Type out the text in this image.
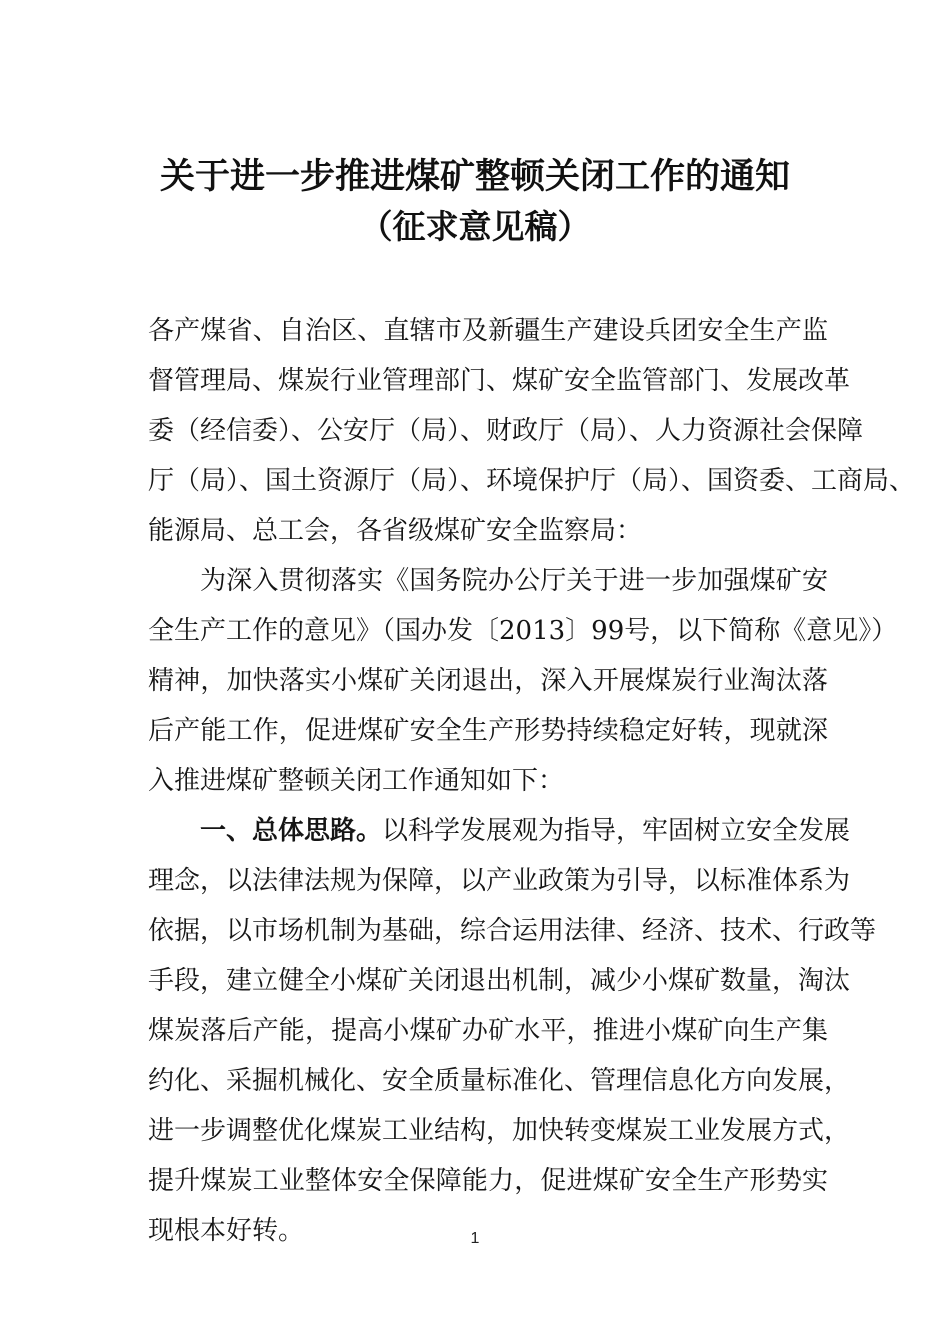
关于进一步推进煤矿整顿关闭工作的通知
（征求意见稿）
各产煤省、自治区、直辖市及新疆生产建设兵团安全生产监
督管理局、煤炭行业管理部门、煤矿安全监管部门、发展改革
委（经信委）、公安厅（局）、财政厅（局）、人力资源社会保障
厅（局）、国土资源厅（局）、环境保护厅（局）、国资委、工商局、
能源局、总工会，各省级煤矿安全监察局：
为深入贯彻落实《国务院办公厅关于进一步加强煤矿安
全生产工作的意见》（国办发〔2013〕99号，以下简称《意见》）
精神，加快落实小煤矿关闭退出，深入开展煤炭行业淘汰落
后产能工作，促进煤矿安全生产形势持续稳定好转，现就深
入推进煤矿整顿关闭工作通知如下：
一、总体思路。以科学发展观为指导，牢固树立安全发展
理念，以法律法规为保障，以产业政策为引导，以标准体系为
依据，以市场机制为基础，综合运用法律、经济、技术、行政等
手段，建立健全小煤矿关闭退出机制，减少小煤矿数量，淘汰
煤炭落后产能，提高小煤矿办矿水平，推进小煤矿向生产集
约化、采掘机械化、安全质量标准化、管理信息化方向发展，
进一步调整优化煤炭工业结构，加快转变煤炭工业发展方式，
提升煤炭工业整体安全保障能力，促进煤矿安全生产形势实
现根本好转。	1
